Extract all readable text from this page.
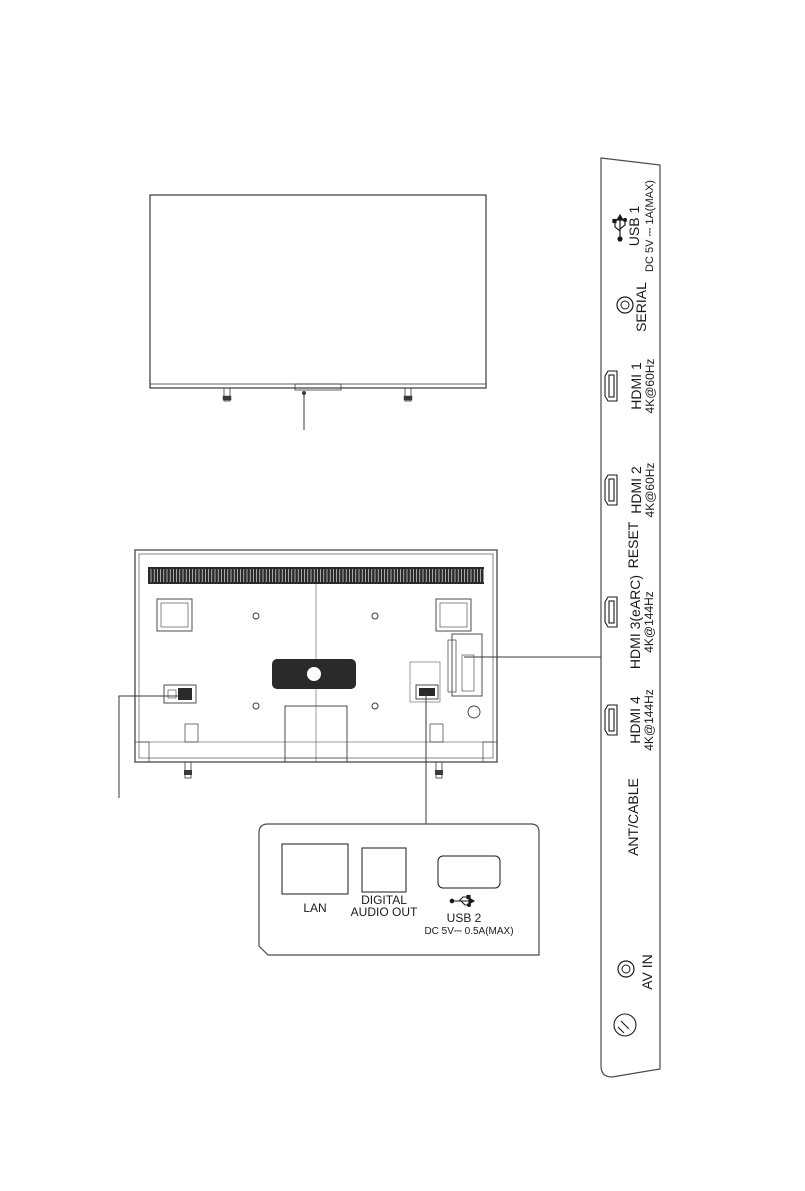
USB 1 DC 5V ⎓ 1A(MAX)
SERIAL
HDMI 1 4K@60Hz
HDMI 2 4K@60Hz
RESET
HDMI 3(eARC) 4K@144Hz
HDMI 4 4K@144Hz
ANT/CABLE
AV IN
LAN
DIGITAL
AUDIO OUT USB 2
DC 5V⎓ 0.5A(MAX)
